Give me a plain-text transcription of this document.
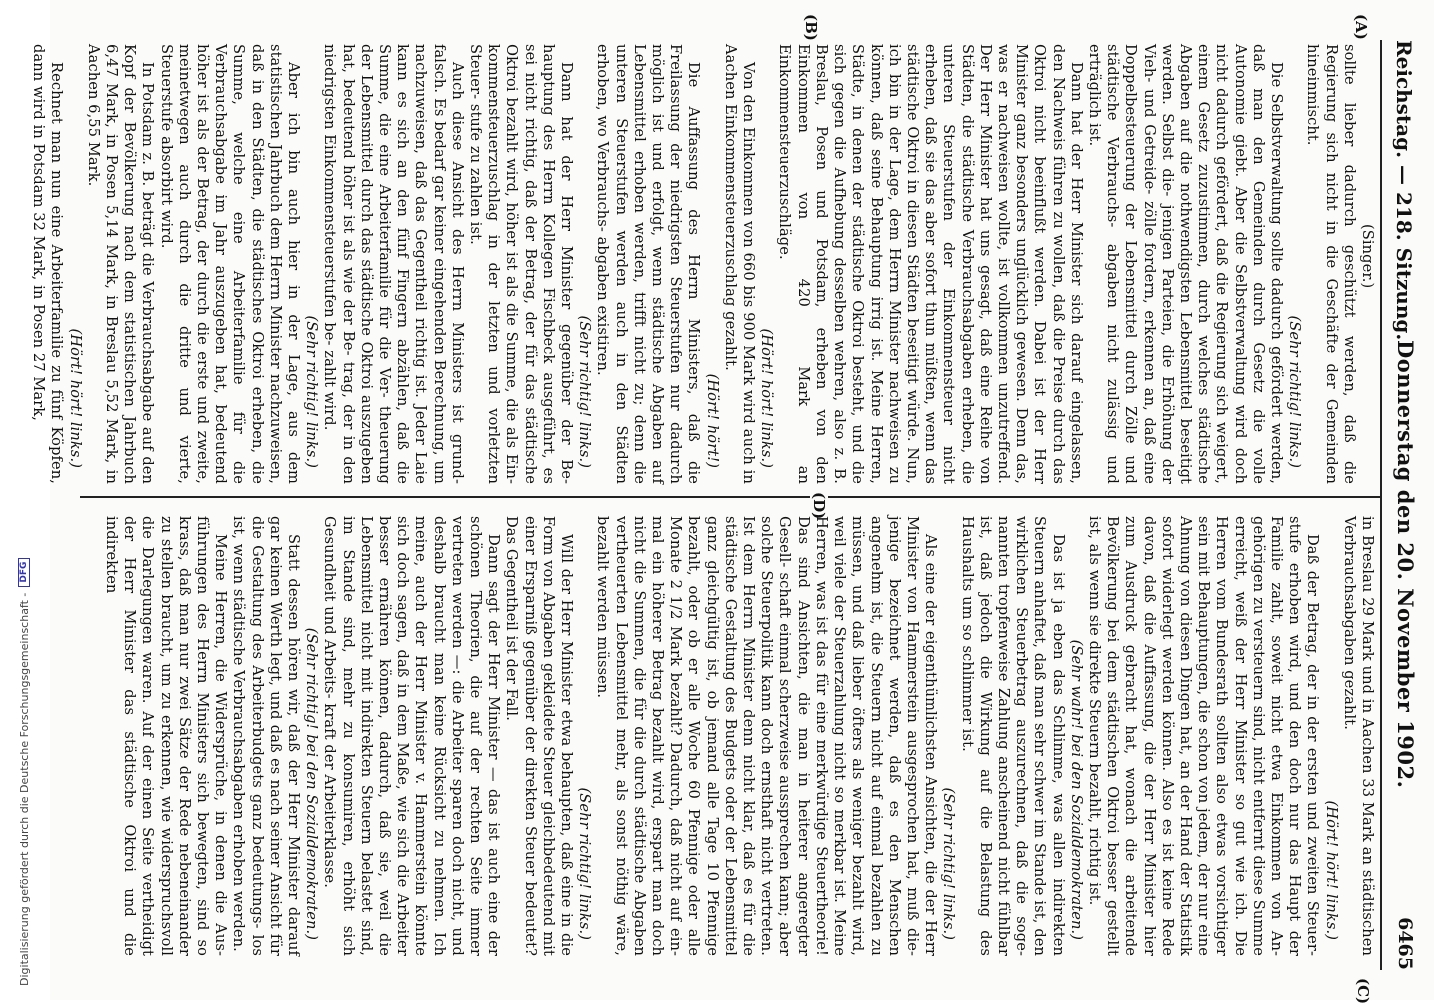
Digitalisierung gefördert durch die Deutsche Forschungsgemeinschaft -
DFG
Reichstag. — 218. Sitzung.
Donnerstag den 20. November 1902.
6465
(A)
(B)
(C)
(D)

(Singer.)

sollte lieber dadurch geschützt werden, daß die Regierung sich nicht in die Geschäfte der Gemeinden hineinmischt.

(Sehr richtig! links.)

Die Selbstverwaltung sollte dadurch gefördert werden, daß man den Gemeinden durch Gesetz die volle Autonomie giebt. Aber die Selbstverwaltung wird doch nicht dadurch gefördert, daß die Regierung sich weigert, einem Gesetz zuzustimmen, durch welches städtische Abgaben auf die nothwendigsten Lebensmittel beseitigt werden. Selbst die- jenigen Parteien, die Erhöhung der Vieh- und Getreide- zölle fordern, erkennen an, daß eine Doppelbesteuerung der Lebensmittel durch Zölle und städtische Verbrauchs- abgaben nicht zulässig und erträglich ist.

Dann hat der Herr Minister sich darauf eingelassen, den Nachweis führen zu wollen, daß die Preise durch das Oktroi nicht beeinflußt werden. Dabei ist der Herr Minister ganz besonders unglücklich gewesen. Denn das, was er nachweisen wollte, ist vollkommen unzutreffend. Der Herr Minister hat uns gesagt, daß eine Reihe von Städten, die städtische Verbrauchsabgaben erheben, die unteren Steuerstufen der Einkommensteuer nicht erheben, daß sie das aber sofort thun müßten, wenn das städtische Oktroi in diesen Städten beseitigt würde. Nun, ich bin in der Lage, dem Herrn Minister nachweisen zu können, daß seine Behauptung irrig ist. Meine Herren, Städte, in denen der städtische Oktroi besteht, und die sich gegen die Aufhebung desselben wehren, also z. B. Breslau, Posen und Potsdam, erheben von den Einkommen von 420 Mark an Einkommensteuerzuschläge.

(Hört! hört! links.)

Von den Einkommen von 660 bis 900 Mark wird auch in Aachen Einkommensteuerzuschlag gezahlt.

(Hört! hört!)

Die Auffassung des Herrn Ministers, daß die Freilassung der niedrigsten Steuerstufen nur dadurch möglich ist und erfolgt, wenn städtische Abgaben auf Lebensmittel erhoben werden, trifft nicht zu; denn die unteren Steuerstufen werden auch in den Städten erhoben, wo Verbrauchs- abgaben existiren.

(Sehr richtig! links.)

Dann hat der Herr Minister gegenüber der Be- hauptung des Herrn Kollegen Fischbeck ausgeführt, es sei nicht richtig, daß der Betrag, der für das städtische Oktroi bezahlt wird, höher ist als die Summe, die als Ein- kommensteuerzuschlag in der letzten und vorletzten Steuer- stufe zu zahlen ist.

Auch diese Ansicht des Herrn Ministers ist grund- falsch. Es bedarf gar keiner eingehenden Berechnung, um nachzuweisen, daß das Gegentheil richtig ist. Jeder Laie kann es sich an den fünf Fingern abzählen, daß die Summe, die eine Arbeiterfamilie für die Ver- theuerung der Lebensmittel durch das städtische Oktroi auszugeben hat, bedeutend höher ist als wie der Be- trag, der in den niedrigsten Einkommensteuerstufen be- zahlt wird.

(Sehr richtig! links.)

Aber ich bin auch hier in der Lage, aus dem statistischen Jahrbuch dem Herrn Minister nachzuweisen, daß in den Städten, die städtisches Oktroi erheben, die Summe, welche eine Arbeiterfamilie für die Verbrauchsabgabe im Jahr auszugeben hat, bedeutend höher ist als der Betrag, der durch die erste und zweite, meinetwegen auch durch die dritte und vierte, Steuerstufe absorbirt wird.

In Potsdam z. B. beträgt die Verbrauchsabgabe auf den Kopf der Bevölkerung nach dem statistischen Jahrbuch 6,47 Mark, in Posen 5,14 Mark, in Breslau 5,52 Mark, in Aachen 6,55 Mark.

(Hört! hört! links.)

Rechnet man nun eine Arbeiterfamilie zu fünf Köpfen, dann wird in Potsdam 32 Mark, in Posen 27 Mark,

in Breslau 29 Mark und in Aachen 33 Mark an städtischen Verbrauchsabgaben gezahlt.

(Hört! hört! links.)

Daß der Betrag, der in der ersten und zweiten Steuer- stufe erhoben wird, und den doch nur das Haupt der Familie zahlt, soweit nicht etwa Einkommen von An- gehörigen zu versteuern sind, nicht entfernt diese Summe erreicht, weiß der Herr Minister so gut wie ich. Die Herren vom Bundesrath sollten also etwas vorsichtiger sein mit Behauptungen, die schon von jedem, der nur eine Ahnung von diesen Dingen hat, an der Hand der Statistik sofort widerlegt werden können. Also es ist keine Rede davon, daß die Auffassung, die der Herr Minister hier zum Ausdruck gebracht hat, wonach die arbeitende Bevölkerung bei dem städtischen Oktroi besser gestellt ist, als wenn sie direkte Steuern bezahlt, richtig ist.

(Sehr wahr! bei den Sozialdemokraten.)

Das ist ja eben das Schlimme, was allen indirekten Steuern anhaftet, daß man sehr schwer im Stande ist, den wirklichen Steuerbetrag auszurechnen, daß die soge- nannten tropfenweise Zahlung anscheinend nicht fühlbar ist, daß jedoch die Wirkung auf die Belastung des Haushalts um so schlimmer ist.

(Sehr richtig! links.)

Als eine der eigenthümlichsten Ansichten, die der Herr Minister von Hammerstein ausgesprochen hat, muß die- jenige bezeichnet werden, daß es den Menschen angenehm ist, die Steuern nicht auf einmal bezahlen zu müssen, und daß lieber öfters als weniger bezahlt wird, weil viele der Steuerzahlung nicht so merkbar ist. Meine Herren, was ist das für eine merkwürdige Steuertheorie! Das sind Ansichten, die man in heiterer angeregter Gesell- schaft einmal scherzweise aussprechen kann; aber solche Steuerpolitik kann doch ernsthaft nicht vertreten. Ist dem Herrn Minister denn nicht klar, daß es für die städtische Gestaltung des Budgets oder der Lebensmittel ganz gleichgültig ist, ob jemand alle Tage 10 Pfennige bezahlt, oder ob er alle Woche 60 Pfennige oder alle Monate 2 1/2 Mark bezahlt? Dadurch, daß nicht auf ein- mal ein höherer Betrag bezahlt wird, erspart man doch nicht die Summen, die für die durch städtische Abgaben vertheuerten Lebensmittel mehr, als sonst nöthig wäre, bezahlt werden müssen.

(Sehr richtig! links.)

Will der Herr Minister etwa behaupten, daß eine in die Form von Abgaben gekleidete Steuer gleichbedeutend mit einer Ersparniß gegenüber der direkten Steuer bedeutet? Das Gegentheil ist der Fall.

Dann sagt der Herr Minister — das ist auch eine der schönen Theorien, die auf der rechten Seite immer vertreten werden —: die Arbeiter sparen doch nicht, und deshalb braucht man keine Rücksicht zu nehmen. Ich meine, auch der Herr Minister v. Hammerstein könnte sich doch sagen, daß in dem Maße, wie sich die Arbeiter besser ernähren können, dadurch, daß sie, weil die Lebensmittel nicht mit indirekten Steuern belastet sind, im Stande sind, mehr zu konsumiren, erhöht sich Gesundheit und Arbeits- kraft der Arbeiterklasse.

(Sehr richtig! bei den Sozialdemokraten.)

Statt dessen hören wir, daß der Herr Minister darauf gar keinen Werth legt, und daß es nach seiner Ansicht für die Gestaltung des Arbeiterbudgets ganz bedeutungs- los ist, wenn städtische Verbrauchsabgaben erhoben werden.

Meine Herren, die Widersprüche, in denen die Aus- führungen des Herrn Ministers sich bewegten, sind so krass, daß man nur zwei Sätze der Rede nebeneinander zu stellen braucht, um zu erkennen, wie widerspruchsvoll die Darlegungen waren. Auf der einen Seite vertheidigt der Herr Minister das städtische Oktroi und die indirekten
